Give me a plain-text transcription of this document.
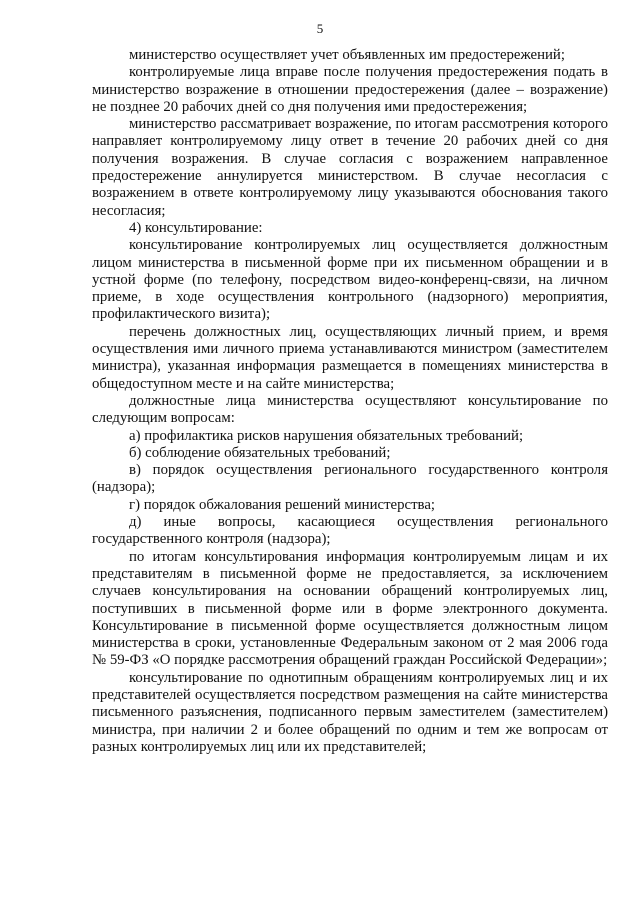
5

министерство осуществляет учет объявленных им предостережений;

контролируемые лица вправе после получения предостережения подать в министерство возражение в отношении предостережения (далее – возражение) не позднее 20 рабочих дней со дня получения ими предостережения;

министерство рассматривает возражение, по итогам рассмотрения которого направляет контролируемому лицу ответ в течение 20 рабочих дней со дня получения возражения. В случае согласия с возражением направленное предостережение аннулируется министерством. В случае несогласия с возражением в ответе контролируемому лицу указываются обоснования такого несогласия;

4) консультирование:

консультирование контролируемых лиц осуществляется должностным лицом министерства в письменной форме при их письменном обращении и в устной форме (по телефону, посредством видео-конференц-связи, на личном приеме, в ходе осуществления контрольного (надзорного) мероприятия, профилактического визита);

перечень должностных лиц, осуществляющих личный прием, и время осуществления ими личного приема устанавливаются министром (заместителем министра), указанная информация размещается в помещениях министерства в общедоступном месте и на сайте министерства;

должностные лица министерства осуществляют консультирование по следующим вопросам:

а) профилактика рисков нарушения обязательных требований;

б) соблюдение обязательных требований;

в) порядок осуществления регионального государственного контроля (надзора);

г) порядок обжалования решений министерства;

д) иные вопросы, касающиеся осуществления регионального государственного контроля (надзора);

по итогам консультирования информация контролируемым лицам и их представителям в письменной форме не предоставляется, за исключением случаев консультирования на основании обращений контролируемых лиц, поступивших в письменной форме или в форме электронного документа. Консультирование в письменной форме осуществляется должностным лицом министерства в сроки, установленные Федеральным законом от 2 мая 2006 года № 59-ФЗ «О порядке рассмотрения обращений граждан Российской Федерации»;

консультирование по однотипным обращениям контролируемых лиц и их представителей осуществляется посредством размещения на сайте министерства письменного разъяснения, подписанного первым заместителем (заместителем) министра, при наличии 2 и более обращений по одним и тем же вопросам от разных контролируемых лиц или их представителей;
